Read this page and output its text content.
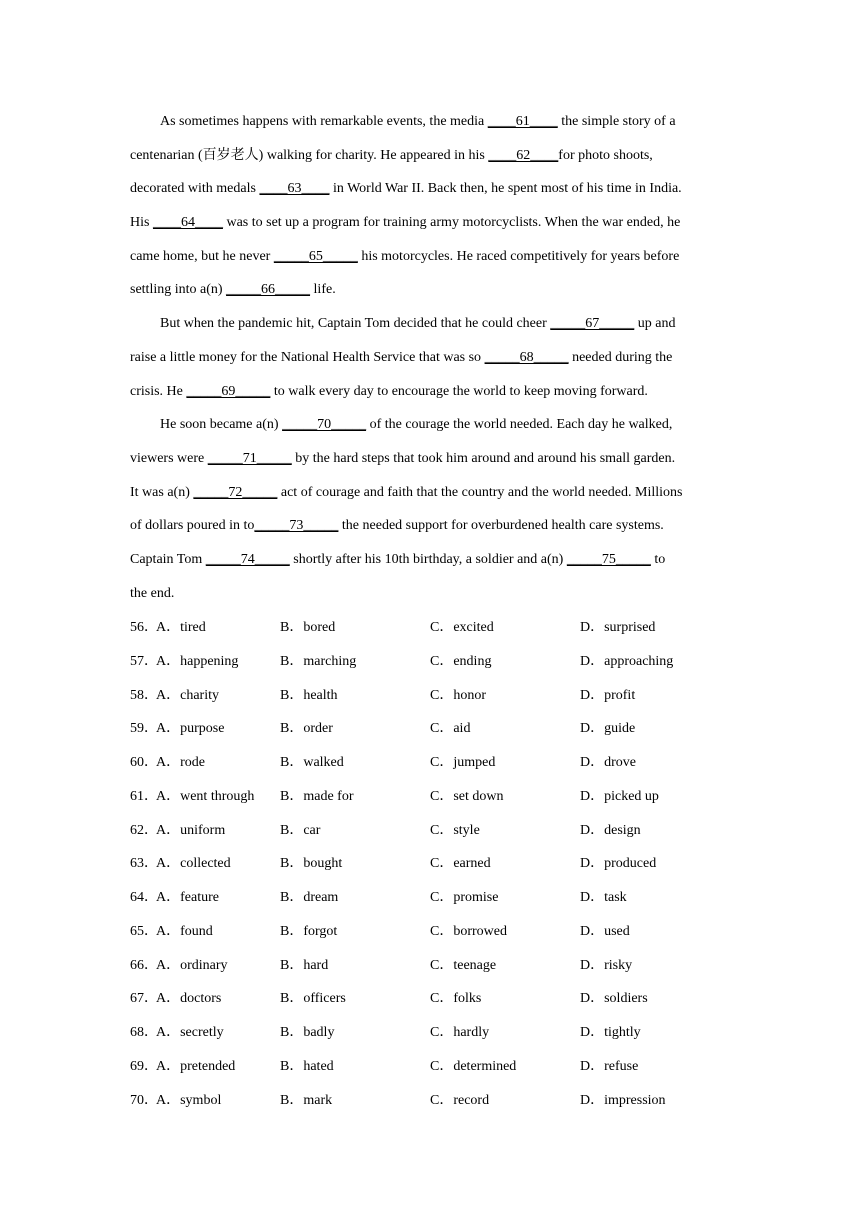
As sometimes happens with remarkable events, the media ____61____ the simple story of a
centenarian (百岁老人) walking for charity. He appeared in his ____62____for photo shoots,
decorated with medals ____63____ in World War II. Back then, he spent most of his time in India.
His ____64____ was to set up a program for training army motorcyclists. When the war ended, he
came home, but he never _____65_____ his motorcycles. He raced competitively for years before
settling into a(n) _____66_____ life.
But when the pandemic hit, Captain Tom decided that he could cheer _____67_____ up and
raise a little money for the National Health Service that was so _____68_____ needed during the
crisis. He _____69_____ to walk every day to encourage the world to keep moving forward.
He soon became a(n) _____70_____ of the courage the world needed. Each day he walked,
viewers were _____71_____ by the hard steps that took him around and around his small garden.
It was a(n) _____72_____ act of courage and faith that the country and the world needed. Millions
of dollars poured in to_____73_____ the needed support for overburdened health care systems.
Captain Tom _____74_____ shortly after his 10th birthday, a soldier and a(n) _____75_____ to
the end.
56．
A．tired	B．bored	C．excited	D．surprised
57．
A．happening	B．marching	C．ending	D．approaching
58．
A．charity	B．health	C．honor	D．profit
59．
A．purpose	B．order	C．aid	D．guide
60．
A．rode	B．walked	C．jumped	D．drove
61．
A．went through B．made for	C．set down	D．picked up
62．
A．uniform	B．car	C．style	D．design
63．
A．collected	B．bought	C．earned	D．produced
64．
A．feature	B．dream	C．promise	D．task
65．
A．found	B．forgot	C．borrowed	D．used
66．
A．ordinary	B．hard	C．teenage	D．risky
67．
A．doctors	B．officers	C．folks	D．soldiers
68．
A．secretly	B．badly	C．hardly	D．tightly
69．
A．pretended	B．hated	C．determined	D．refuse
70．
A．symbol	B．mark	C．record	D．impression
